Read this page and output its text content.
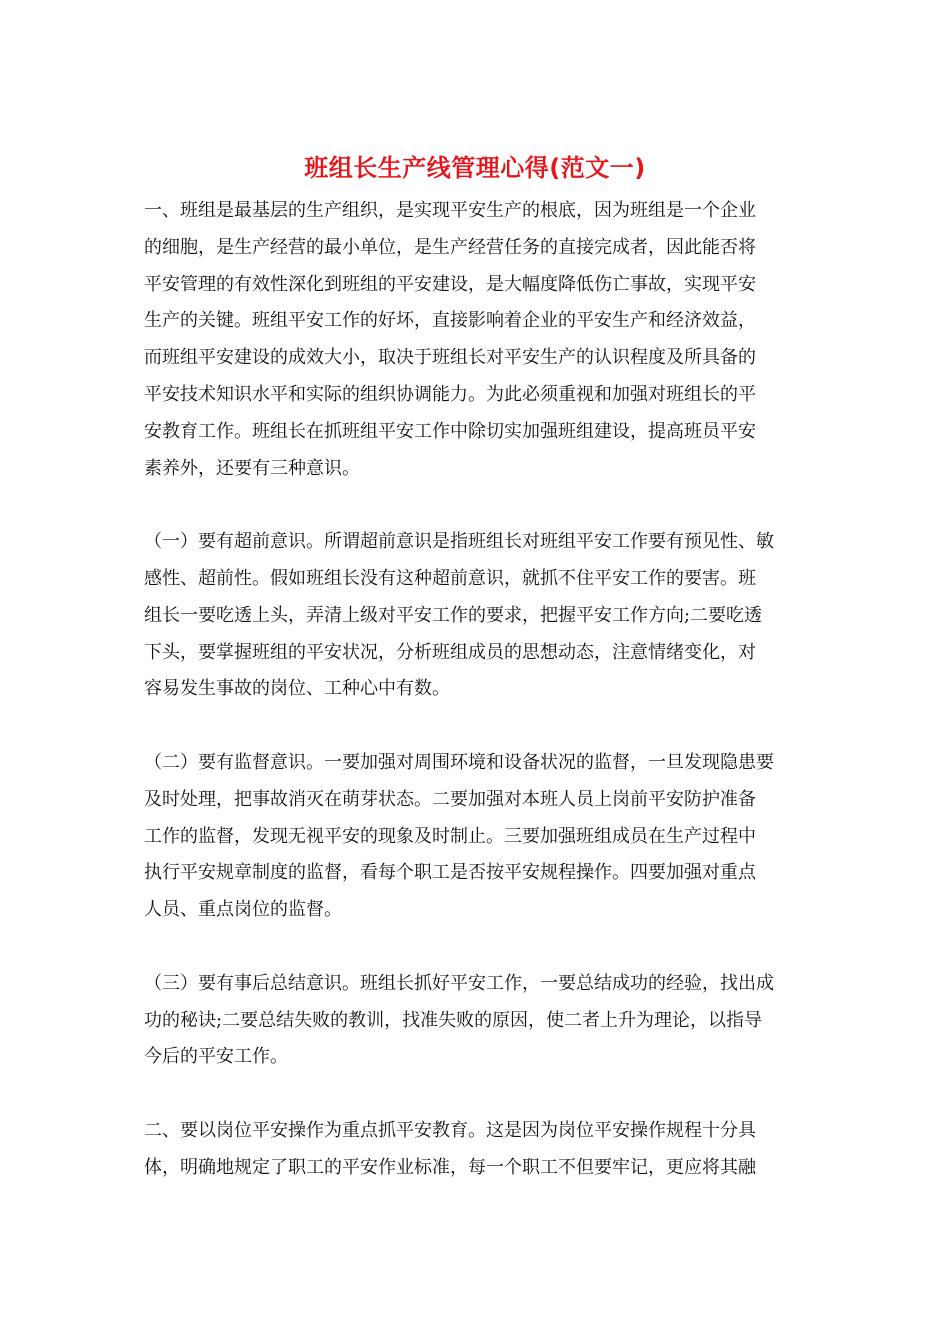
班组长生产线管理心得(范文一)
一、班组是最基层的生产组织，是实现平安生产的根底，因为班组是一个企业
的细胞，是生产经营的最小单位，是生产经营任务的直接完成者，因此能否将
平安管理的有效性深化到班组的平安建设，是大幅度降低伤亡事故，实现平安
生产的关键。班组平安工作的好坏，直接影响着企业的平安生产和经济效益，
而班组平安建设的成效大小，取决于班组长对平安生产的认识程度及所具备的
平安技术知识水平和实际的组织协调能力。为此必须重视和加强对班组长的平
安教育工作。班组长在抓班组平安工作中除切实加强班组建设，提高班员平安
素养外，还要有三种意识。
（一）要有超前意识。所谓超前意识是指班组长对班组平安工作要有预见性、敏
感性、超前性。假如班组长没有这种超前意识，就抓不住平安工作的要害。班
组长一要吃透上头，弄清上级对平安工作的要求，把握平安工作方向;二要吃透
下头，要掌握班组的平安状况，分析班组成员的思想动态，注意情绪变化，对
容易发生事故的岗位、工种心中有数。
（二）要有监督意识。一要加强对周围环境和设备状况的监督，一旦发现隐患要
及时处理，把事故消灭在萌芽状态。二要加强对本班人员上岗前平安防护准备
工作的监督，发现无视平安的现象及时制止。三要加强班组成员在生产过程中
执行平安规章制度的监督，看每个职工是否按平安规程操作。四要加强对重点
人员、重点岗位的监督。
（三）要有事后总结意识。班组长抓好平安工作，一要总结成功的经验，找出成
功的秘诀;二要总结失败的教训，找准失败的原因，使二者上升为理论，以指导
今后的平安工作。
二、要以岗位平安操作为重点抓平安教育。这是因为岗位平安操作规程十分具
体，明确地规定了职工的平安作业标准，每一个职工不但要牢记，更应将其融
